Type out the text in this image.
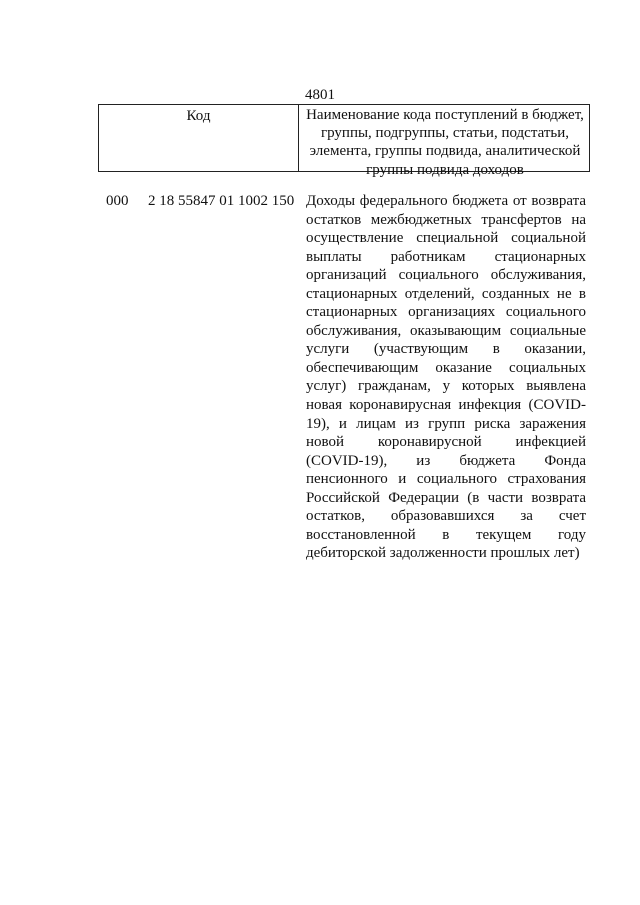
4801
Код	Наименование кода поступлений в бюджет, группы, подгруппы, статьи, подстатьи, элемента, группы подвида, аналитической группы подвида доходов
000 2 18 55847 01 1002 150 Доходы федерального бюджета от возврата остатков межбюджетных трансфертов на осуществление специальной социальной выплаты работникам стационарных организаций социального обслуживания, стационарных отделений, созданных не в стационарных организациях социального обслуживания, оказывающим социальные услуги (участвующим в оказании, обеспечивающим оказание социальных услуг) гражданам, у которых выявлена новая коронавирусная инфекция (COVID-19), и лицам из групп риска заражения новой коронавирусной инфекцией (COVID-19), из бюджета Фонда пенсионного и социального страхования Российской Федерации (в части возврата остатков, образовавшихся за счет восстановленной в текущем году дебиторской задолженности прошлых лет)
